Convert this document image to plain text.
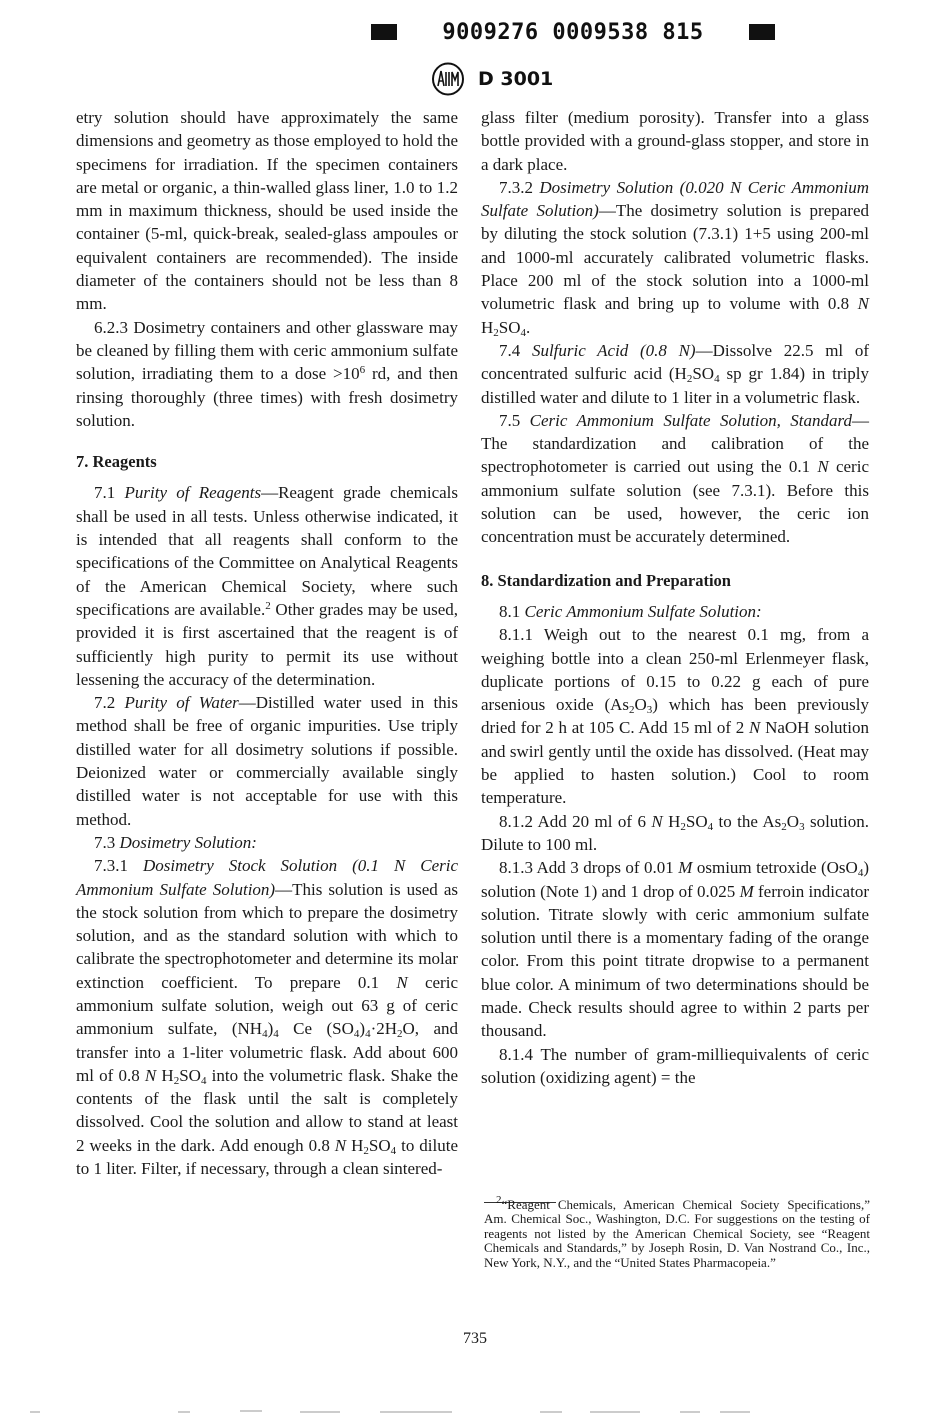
9009276 0009538 815
D 3001

etry solution should have approximately the same dimensions and geometry as those employed to hold the specimens for irradiation. If the specimen containers are metal or organic, a thin-walled glass liner, 1.0 to 1.2 mm in maximum thickness, should be used inside the container (5-ml, quick-break, sealed-glass ampoules or equivalent containers are recommended). The inside diameter of the containers should not be less than 8 mm.

6.2.3 Dosimetry containers and other glassware may be cleaned by filling them with ceric ammonium sulfate solution, irradiating them to a dose $>10^6$ rd, and then rinsing thoroughly (three times) with fresh dosimetry solution.

7. Reagents

7.1 Purity of Reagents—Reagent grade chemicals shall be used in all tests. Unless otherwise indicated, it is intended that all reagents shall conform to the specifications of the Committee on Analytical Reagents of the American Chemical Society, where such specifications are available.$^2$ Other grades may be used, provided it is first ascertained that the reagent is of sufficiently high purity to permit its use without lessening the accuracy of the determination.

7.2 Purity of Water—Distilled water used in this method shall be free of organic impurities. Use triply distilled water for all dosimetry solutions if possible. Deionized water or commercially available singly distilled water is not acceptable for use with this method.

7.3 Dosimetry Solution:

7.3.1 Dosimetry Stock Solution (0.1 N Ceric Ammonium Sulfate Solution)—This solution is used as the stock solution from which to prepare the dosimetry solution, and as the standard solution with which to calibrate the spectrophotometer and determine its molar extinction coefficient. To prepare 0.1 N ceric ammonium sulfate solution, weigh out 63 g of ceric ammonium sulfate, $(NH_4)_4$ Ce $(SO_4)_4\cdot 2H_2O$, and transfer into a 1-liter volumetric flask. Add about 600 ml of 0.8 N $H_2SO_4$ into the volumetric flask. Shake the contents of the flask until the salt is completely dissolved. Cool the solution and allow to stand at least 2 weeks in the dark. Add enough 0.8 N $H_2SO_4$ to dilute to 1 liter. Filter, if necessary, through a clean sintered-

glass filter (medium porosity). Transfer into a glass bottle provided with a ground-glass stopper, and store in a dark place.

7.3.2 Dosimetry Solution (0.020 N Ceric Ammonium Sulfate Solution)—The dosimetry solution is prepared by diluting the stock solution (7.3.1) 1+5 using 200-ml and 1000-ml accurately calibrated volumetric flasks. Place 200 ml of the stock solution into a 1000-ml volumetric flask and bring up to volume with 0.8 N $H_2SO_4$.

7.4 Sulfuric Acid (0.8 N)—Dissolve 22.5 ml of concentrated sulfuric acid ($H_2SO_4$ sp gr 1.84) in triply distilled water and dilute to 1 liter in a volumetric flask.

7.5 Ceric Ammonium Sulfate Solution, Standard—The standardization and calibration of the spectrophotometer is carried out using the 0.1 N ceric ammonium sulfate solution (see 7.3.1). Before this solution can be used, however, the ceric ion concentration must be accurately determined.

8. Standardization and Preparation

8.1 Ceric Ammonium Sulfate Solution:

8.1.1 Weigh out to the nearest 0.1 mg, from a weighing bottle into a clean 250-ml Erlenmeyer flask, duplicate portions of 0.15 to 0.22 g each of pure arsenious oxide $(As_2O_3)$ which has been previously dried for 2 h at 105 C. Add 15 ml of 2 N NaOH solution and swirl gently until the oxide has dissolved. (Heat may be applied to hasten solution.) Cool to room temperature.

8.1.2 Add 20 ml of 6 N $H_2SO_4$ to the $As_2O_3$ solution. Dilute to 100 ml.

8.1.3 Add 3 drops of 0.01 M osmium tetroxide (OsO$_4$) solution (Note 1) and 1 drop of 0.025 M ferroin indicator solution. Titrate slowly with ceric ammonium sulfate solution until there is a momentary fading of the orange color. From this point titrate dropwise to a permanent blue color. A minimum of two determinations should be made. Check results should agree to within 2 parts per thousand.

8.1.4 The number of gram-milliequivalents of ceric solution (oxidizing agent) = the

$^2$“Reagent Chemicals, American Chemical Society Specifications,” Am. Chemical Soc., Washington, D.C. For suggestions on the testing of reagents not listed by the American Chemical Society, see “Reagent Chemicals and Standards,” by Joseph Rosin, D. Van Nostrand Co., Inc., New York, N.Y., and the “United States Pharmacopeia.”

735
